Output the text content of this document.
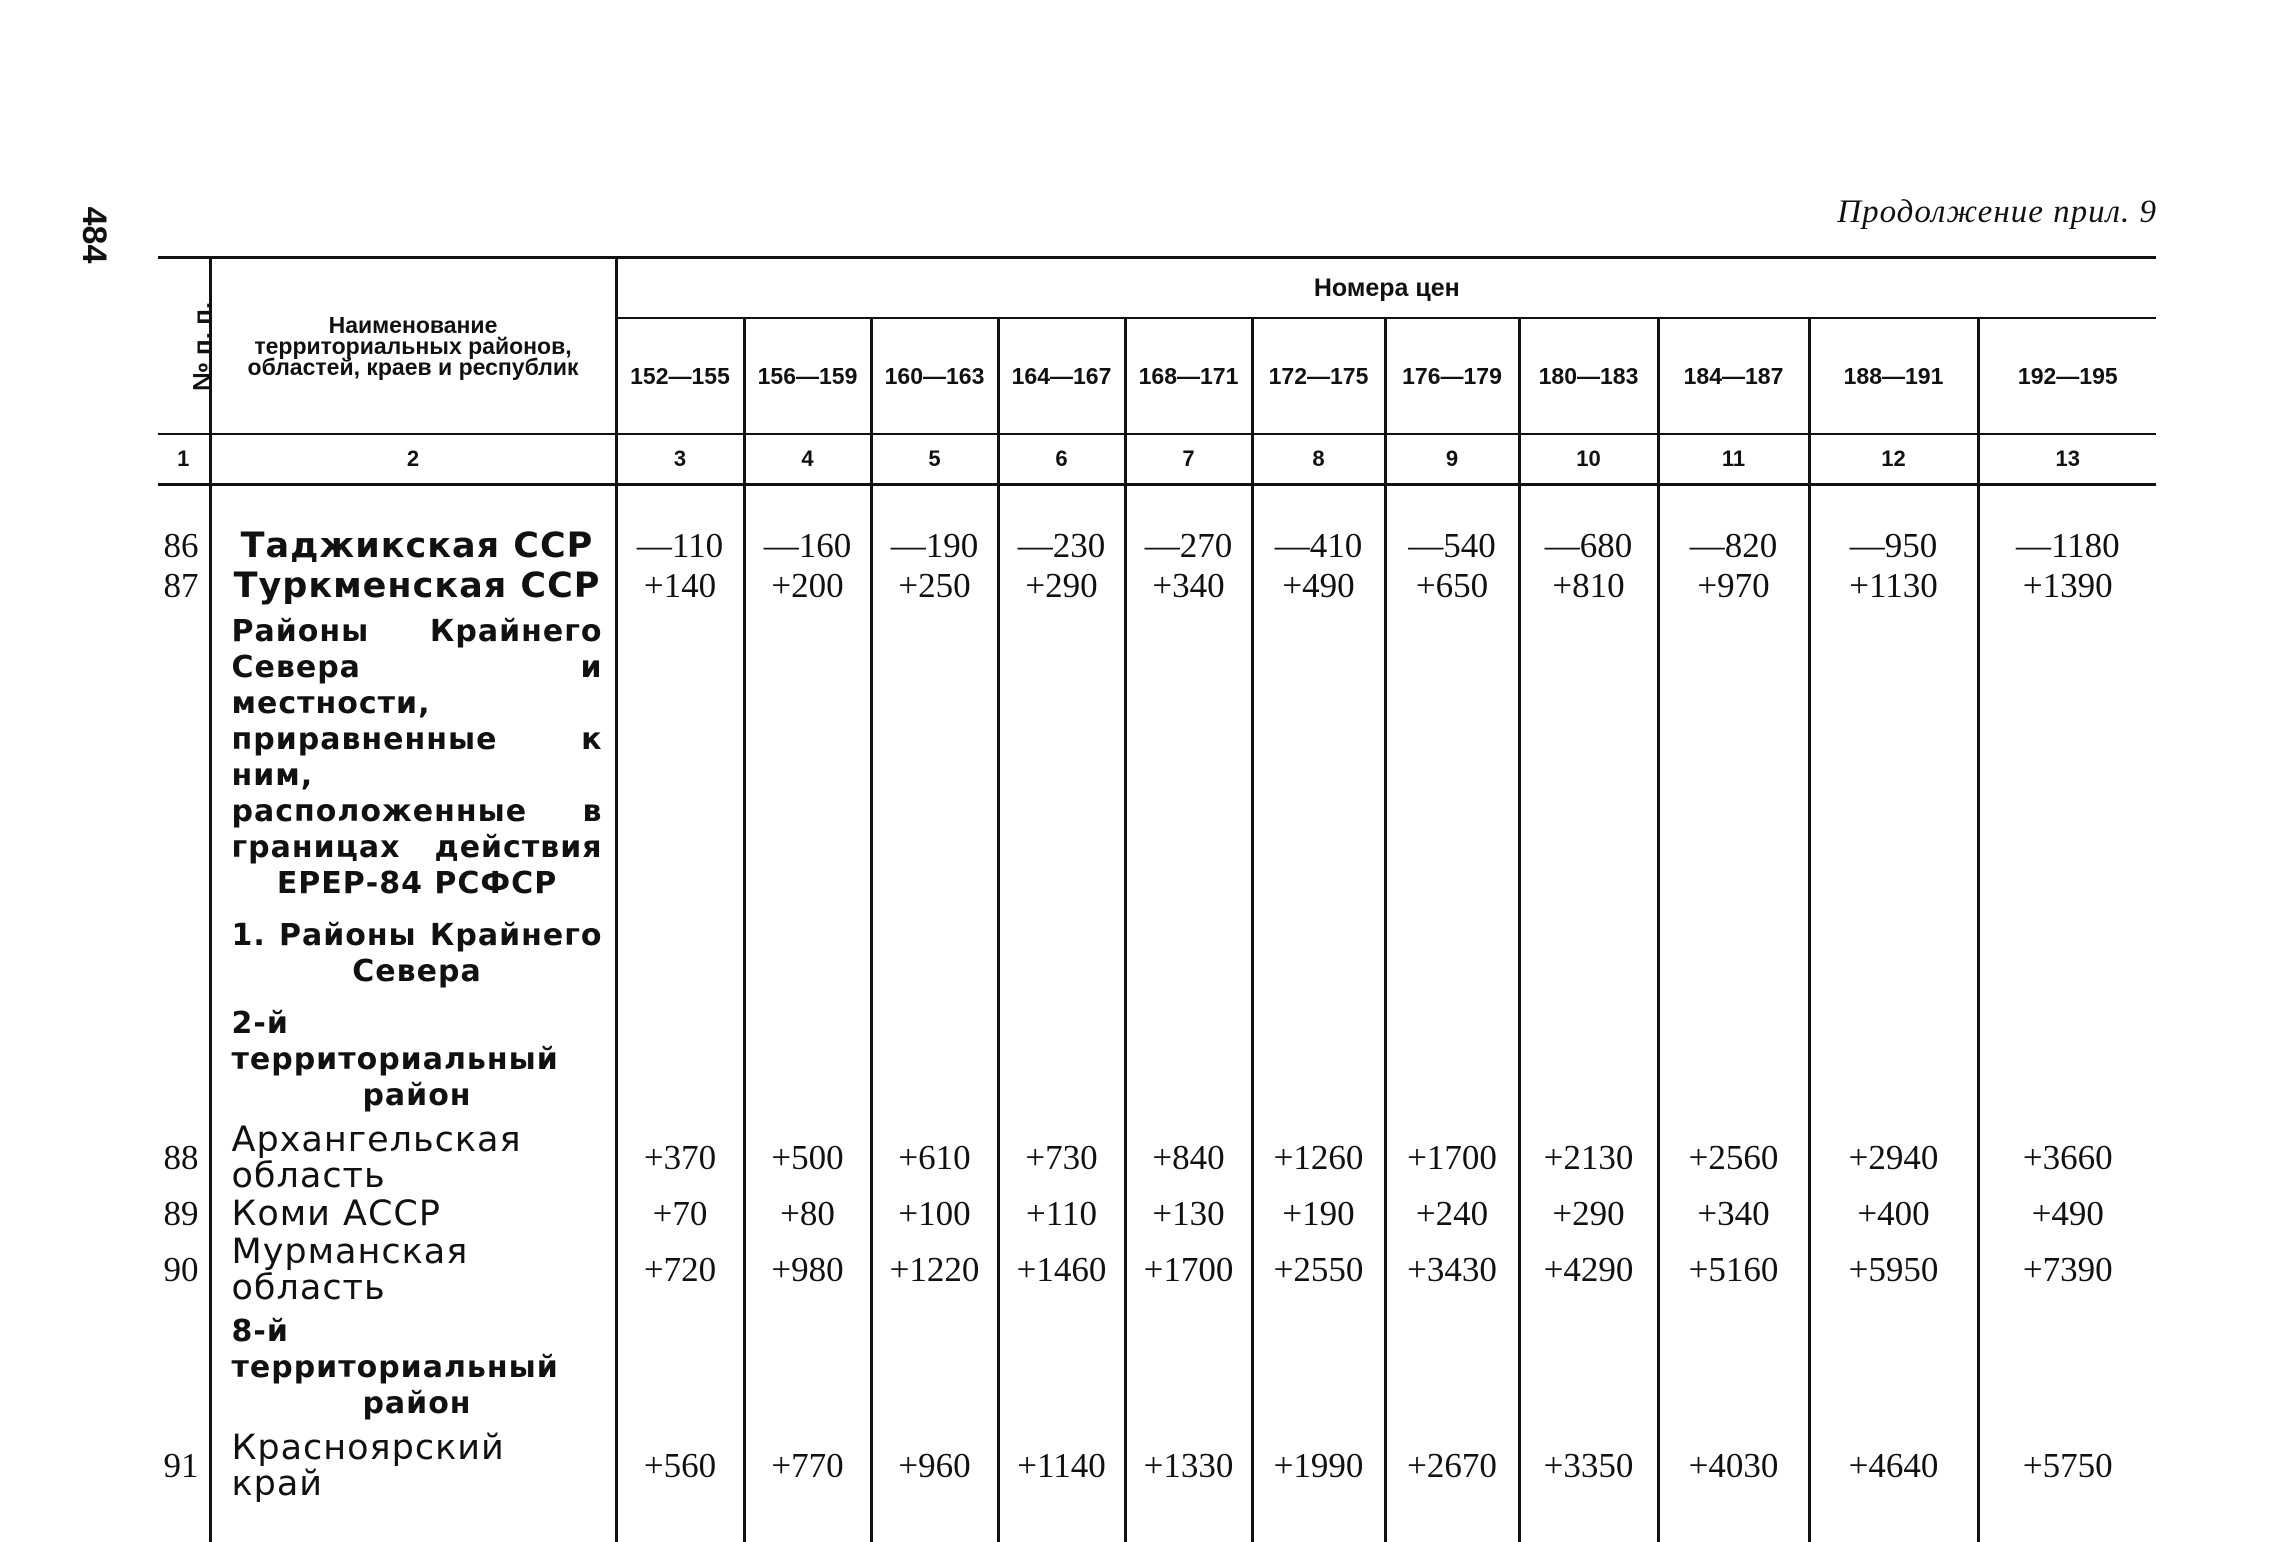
484	Продолжение прил. 9
№ п. п.	Наименование территориальных районов, областей, краев и республик	Номера цен										
		152—155	156—159	160—163	164—167	168—171	172—175	176—179	180—183	184—187	188—191	192—195
1	2	3	4	5	6	7	8	9	10	11	12	13

86	Таджикская ССР	—110	—160	—190	—230	—270	—410	—540	—680	—820	—950	—1180
87	Туркменская ССР	+140	+200	+250	+290	+340	+490	+650	+810	+970	+1130	+1390

	Районы Крайнего Севера и местности, приравненные к ним, расположенные в границах действия ЕРЕР-84 РСФСР											

	1. Районы Крайнего Севера											

	2-й территориальный район											

88	Архангельская область	+370	+500	+610	+730	+840	+1260	+1700	+2130	+2560	+2940	+3660
89	Коми АССР	+70	+80	+100	+110	+130	+190	+240	+290	+340	+400	+490
90	Мурманская область	+720	+980	+1220	+1460	+1700	+2550	+3430	+4290	+5160	+5950	+7390

	8-й территориальный район											

91	Красноярский край	+560	+770	+960	+1140	+1330	+1990	+2670	+3350	+4030	+4640	+5750
